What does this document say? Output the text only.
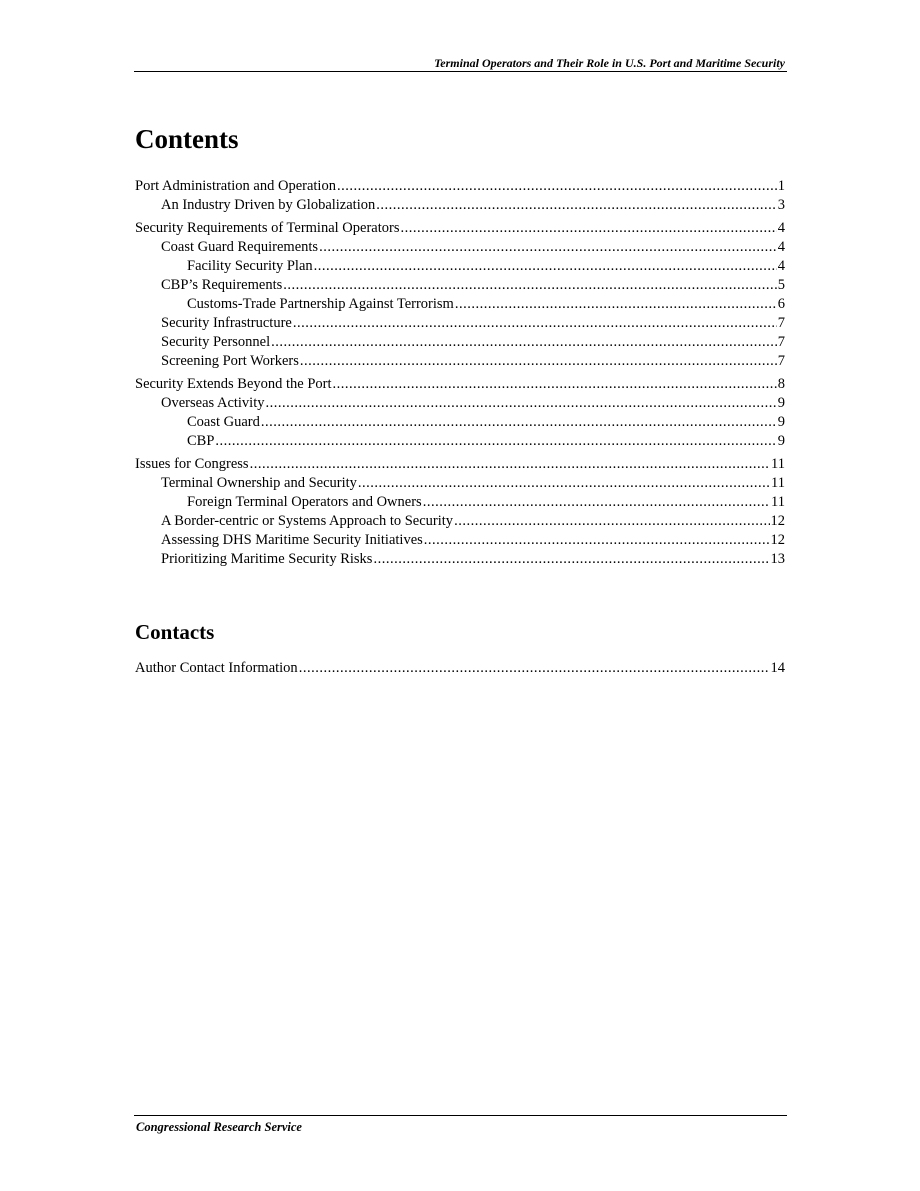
Terminal Operators and Their Role in U.S. Port and Maritime Security
Contents
Port Administration and Operation .....	1
An Industry Driven by Globalization .....	3
Security Requirements of Terminal Operators .....	4
Coast Guard Requirements .....	4
Facility Security Plan .....	4
CBP’s Requirements .....	5
Customs-Trade Partnership Against Terrorism .....	6
Security Infrastructure .....	7
Security Personnel .....	7
Screening Port Workers .....	7
Security Extends Beyond the Port .....	8
Overseas Activity .....	9
Coast Guard .....	9
CBP .....	9
Issues for Congress .....	11
Terminal Ownership and Security .....	11
Foreign Terminal Operators and Owners .....	11
A Border-centric or Systems Approach to Security .....	12
Assessing DHS Maritime Security Initiatives .....	12
Prioritizing Maritime Security Risks .....	13
Contacts
Author Contact Information .....	14
Congressional Research Service
